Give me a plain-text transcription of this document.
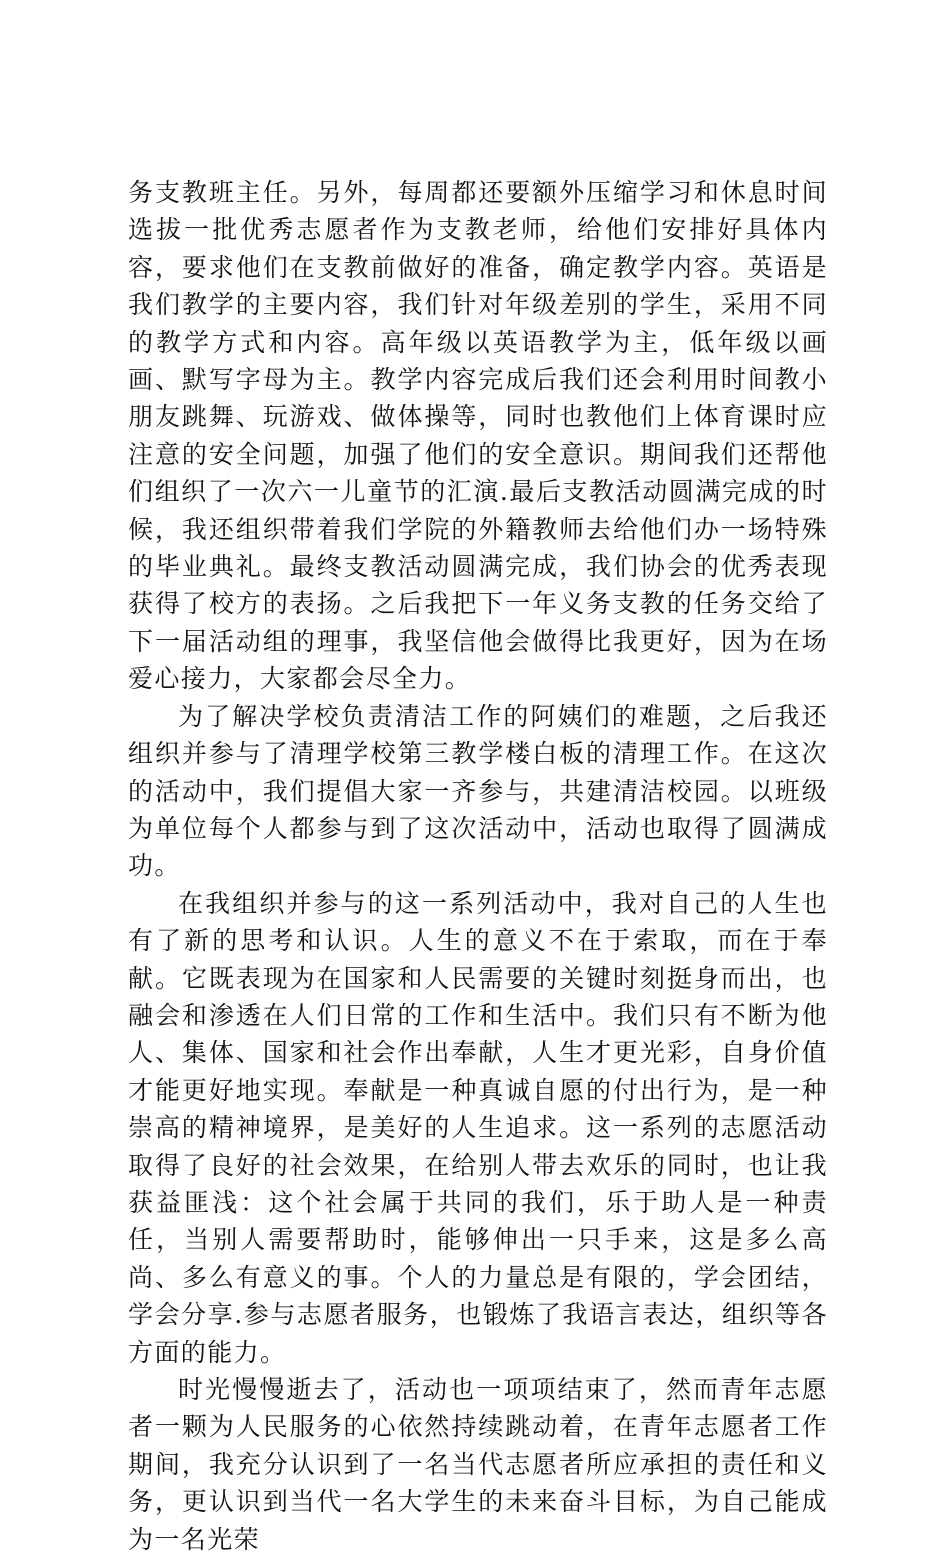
务支教班主任。另外，每周都还要额外压缩学习和休息时间选拔一批优秀志愿者作为支教老师，给他们安排好具体内容，要求他们在支教前做好的准备，确定教学内容。英语是我们教学的主要内容，我们针对年级差别的学生，采用不同的教学方式和内容。高年级以英语教学为主，低年级以画画、默写字母为主。教学内容完成后我们还会利用时间教小朋友跳舞、玩游戏、做体操等，同时也教他们上体育课时应注意的安全问题，加强了他们的安全意识。期间我们还帮他们组织了一次六一儿童节的汇演.最后支教活动圆满完成的时候，我还组织带着我们学院的外籍教师去给他们办一场特殊的毕业典礼。最终支教活动圆满完成，我们协会的优秀表现获得了校方的表扬。之后我把下一年义务支教的任务交给了下一届活动组的理事，我坚信他会做得比我更好，因为在场爱心接力，大家都会尽全力。

为了解决学校负责清洁工作的阿姨们的难题，之后我还组织并参与了清理学校第三教学楼白板的清理工作。在这次的活动中，我们提倡大家一齐参与，共建清洁校园。以班级为单位每个人都参与到了这次活动中，活动也取得了圆满成功。

在我组织并参与的这一系列活动中，我对自己的人生也有了新的思考和认识。人生的意义不在于索取，而在于奉献。它既表现为在国家和人民需要的关键时刻挺身而出，也融会和渗透在人们日常的工作和生活中。我们只有不断为他人、集体、国家和社会作出奉献，人生才更光彩，自身价值才能更好地实现。奉献是一种真诚自愿的付出行为，是一种崇高的精神境界，是美好的人生追求。这一系列的志愿活动取得了良好的社会效果，在给别人带去欢乐的同时，也让我获益匪浅：这个社会属于共同的我们，乐于助人是一种责任，当别人需要帮助时，能够伸出一只手来，这是多么高尚、多么有意义的事。个人的力量总是有限的，学会团结，学会分享.参与志愿者服务，也锻炼了我语言表达，组织等各方面的能力。

时光慢慢逝去了，活动也一项项结束了，然而青年志愿者一颗为人民服务的心依然持续跳动着，在青年志愿者工作期间，我充分认识到了一名当代志愿者所应承担的责任和义务，更认识到当代一名大学生的未来奋斗目标，为自己能成为一名光荣
